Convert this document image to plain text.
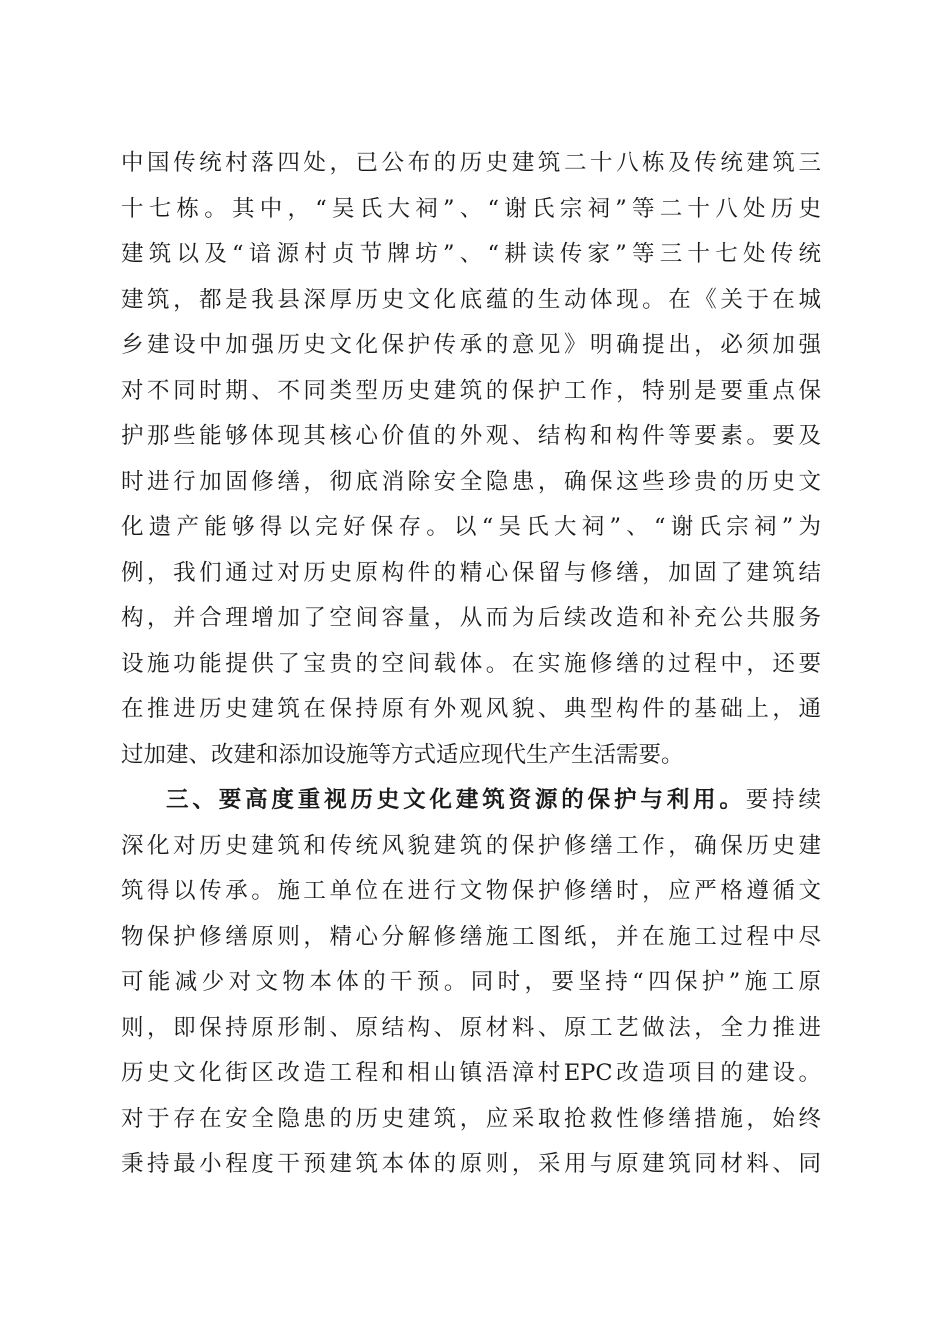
中国传统村落四处，已公布的历史建筑二十八栋及传统建筑三
十七栋。其中，“吴氏大祠”、“谢氏宗祠”等二十八处历史
建筑以及“谙源村贞节牌坊”、“耕读传家”等三十七处传统
建筑，都是我县深厚历史文化底蕴的生动体现。在《关于在城
乡建设中加强历史文化保护传承的意见》明确提出，必须加强
对不同时期、不同类型历史建筑的保护工作，特别是要重点保
护那些能够体现其核心价值的外观、结构和构件等要素。要及
时进行加固修缮，彻底消除安全隐患，确保这些珍贵的历史文
化遗产能够得以完好保存。以“吴氏大祠”、“谢氏宗祠”为
例，我们通过对历史原构件的精心保留与修缮，加固了建筑结
构，并合理增加了空间容量，从而为后续改造和补充公共服务
设施功能提供了宝贵的空间载体。在实施修缮的过程中，还要
在推进历史建筑在保持原有外观风貌、典型构件的基础上，通
过加建、改建和添加设施等方式适应现代生产生活需要。
三、要高度重视历史文化建筑资源的保护与利用。要持续
深化对历史建筑和传统风貌建筑的保护修缮工作，确保历史建
筑得以传承。施工单位在进行文物保护修缮时，应严格遵循文
物保护修缮原则，精心分解修缮施工图纸，并在施工过程中尽
可能减少对文物本体的干预。同时，要坚持“四保护”施工原
则，即保持原形制、原结构、原材料、原工艺做法，全力推进
历史文化街区改造工程和相山镇浯漳村EPC改造项目的建设。
对于存在安全隐患的历史建筑，应采取抢救性修缮措施，始终
秉持最小程度干预建筑本体的原则，采用与原建筑同材料、同
